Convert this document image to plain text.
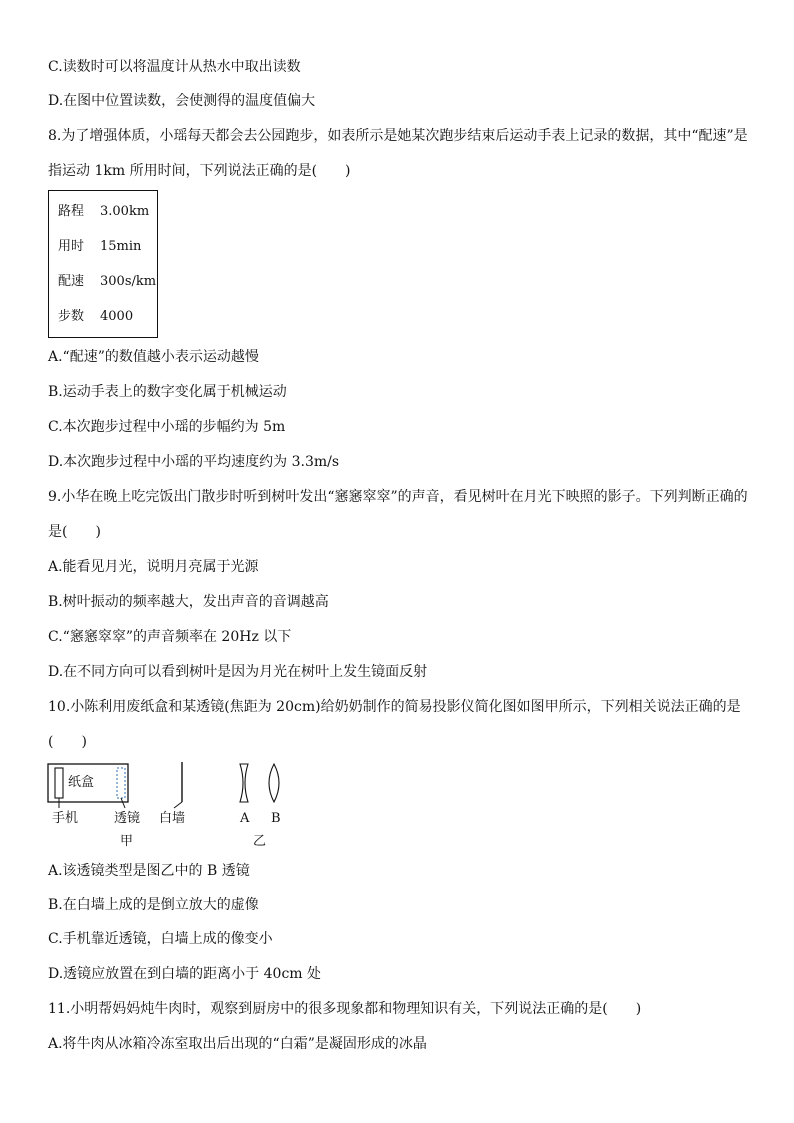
C.读数时可以将温度计从热水中取出读数
D.在图中位置读数，会使测得的温度值偏大
8.为了增强体质，小瑶每天都会去公园跑步，如表所示是她某次跑步结束后运动手表上记录的数据，其中“配速”是
指运动 1km 所用时间，下列说法正确的是(　　)
路程 3.00km
用时 15min
配速 300s/km
步数 4000
A.“配速”的数值越小表示运动越慢
B.运动手表上的数字变化属于机械运动
C.本次跑步过程中小瑶的步幅约为 5m
D.本次跑步过程中小瑶的平均速度约为 3.3m/s
9.小华在晚上吃完饭出门散步时听到树叶发出“窸窸窣窣”的声音，看见树叶在月光下映照的影子。下列判断正确的
是(　　)
A.能看见月光，说明月亮属于光源
B.树叶振动的频率越大，发出声音的音调越高
C.“窸窸窣窣”的声音频率在 20Hz 以下
D.在不同方向可以看到树叶是因为月光在树叶上发生镜面反射
10.小陈利用废纸盒和某透镜(焦距为 20cm)给奶奶制作的简易投影仪简化图如图甲所示，下列相关说法正确的是
(　　)
纸盒
手机	透镜 白墙
甲
A B
乙
A.该透镜类型是图乙中的 B 透镜
B.在白墙上成的是倒立放大的虚像
C.手机靠近透镜，白墙上成的像变小
D.透镜应放置在到白墙的距离小于 40cm 处
11.小明帮妈妈炖牛肉时，观察到厨房中的很多现象都和物理知识有关，下列说法正确的是(　　)
A.将牛肉从冰箱冷冻室取出后出现的“白霜”是凝固形成的冰晶
